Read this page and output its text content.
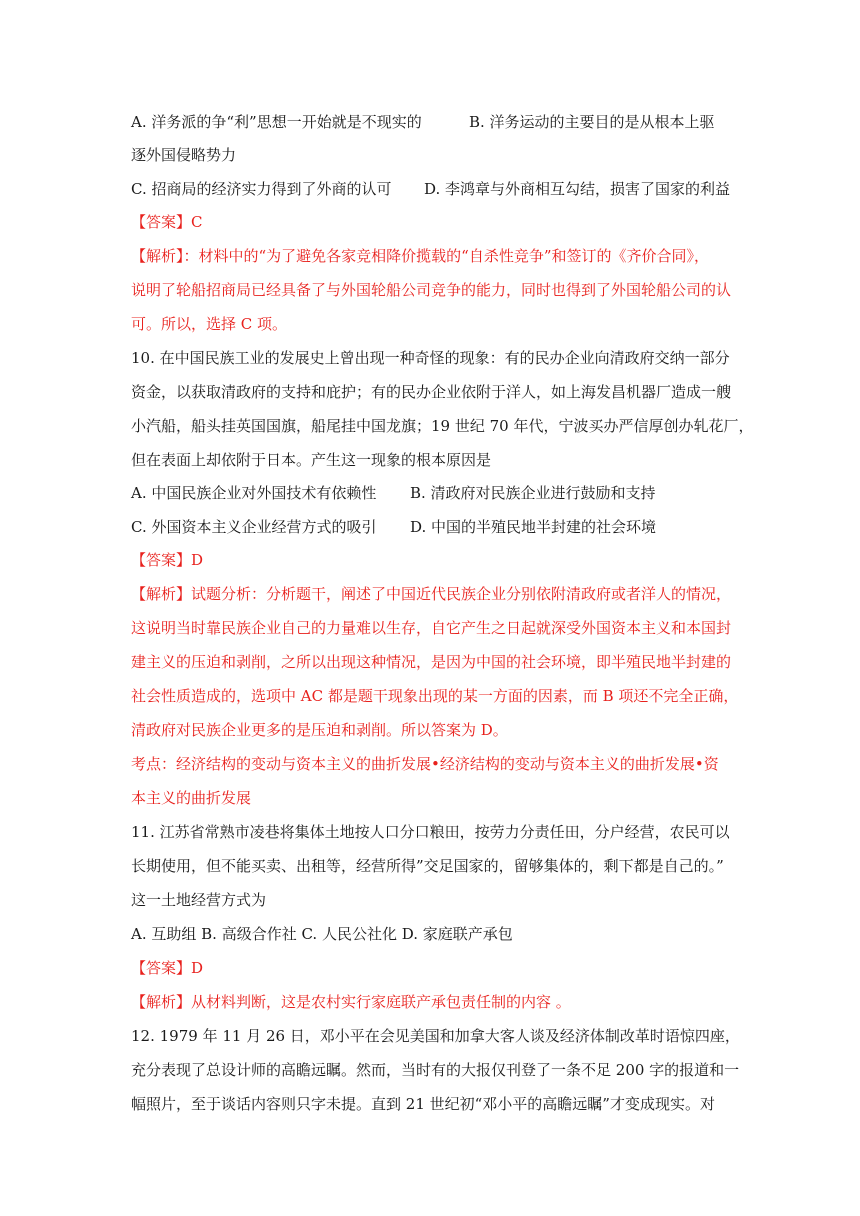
A. 洋务派的争“利”思想一开始就是不现实的	B. 洋务运动的主要目的是从根本上驱
逐外国侵略势力
C. 招商局的经济实力得到了外商的认可 D. 李鸿章与外商相互勾结，损害了国家的利益
【答案】C
【解析】：材料中的“为了避免各家竞相降价揽载的“自杀性竞争”和签订的《齐价合同》，
说明了轮船招商局已经具备了与外国轮船公司竞争的能力，同时也得到了外国轮船公司的认
可。所以，选择 C 项。
10. 在中国民族工业的发展史上曾出现一种奇怪的现象：有的民办企业向清政府交纳一部分
资金，以获取清政府的支持和庇护；有的民办企业依附于洋人，如上海发昌机器厂造成一艘
小汽船，船头挂英国国旗，船尾挂中国龙旗；19 世纪 70 年代，宁波买办严信厚创办轧花厂，
但在表面上却依附于日本。产生这一现象的根本原因是
A. 中国民族企业对外国技术有依赖性 B. 清政府对民族企业进行鼓励和支持
C. 外国资本主义企业经营方式的吸引 D. 中国的半殖民地半封建的社会环境
【答案】D
【解析】试题分析：分析题干，阐述了中国近代民族企业分别依附清政府或者洋人的情况，
这说明当时靠民族企业自己的力量难以生存，自它产生之日起就深受外国资本主义和本国封
建主义的压迫和剥削，之所以出现这种情况，是因为中国的社会环境，即半殖民地半封建的
社会性质造成的，选项中 AC 都是题干现象出现的某一方面的因素，而 B 项还不完全正确，
清政府对民族企业更多的是压迫和剥削。所以答案为 D。
考点：经济结构的变动与资本主义的曲折发展•经济结构的变动与资本主义的曲折发展•资
本主义的曲折发展
11. 江苏省常熟市凌巷将集体土地按人口分口粮田，按劳力分责任田，分户经营，农民可以
长期使用，但不能买卖、出租等，经营所得”交足国家的，留够集体的，剩下都是自己的。”
这一土地经营方式为
A. 互助组 B. 高级合作社 C. 人民公社化 D. 家庭联产承包
【答案】D
【解析】从材料判断，这是农村实行家庭联产承包责任制的内容 。
12. 1979 年 11 月 26 日，邓小平在会见美国和加拿大客人谈及经济体制改革时语惊四座，
充分表现了总设计师的高瞻远瞩。然而，当时有的大报仅刊登了一条不足 200 字的报道和一
幅照片，至于谈话内容则只字未提。直到 21 世纪初“邓小平的高瞻远瞩”才变成现实。对
